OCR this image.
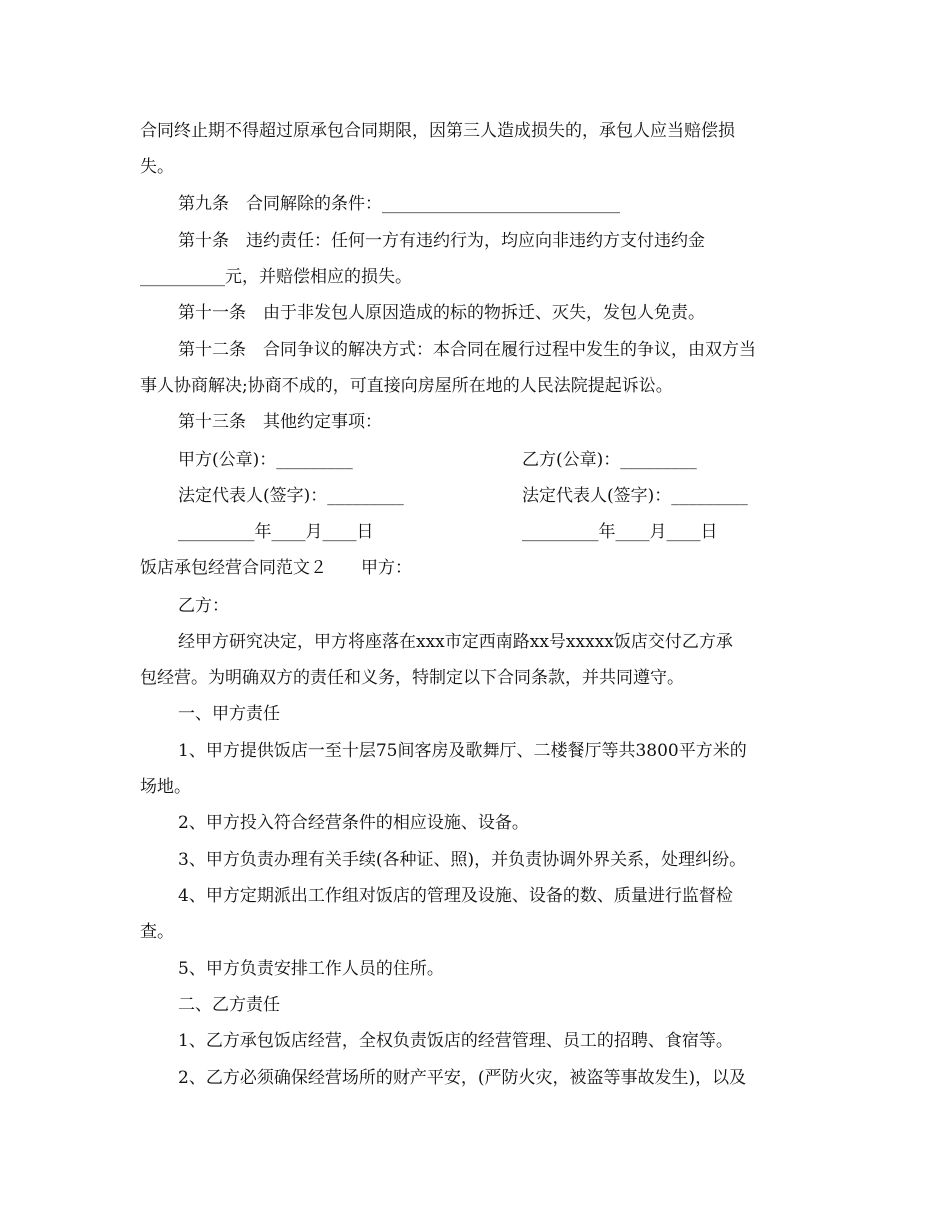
合同终止期不得超过原承包合同期限，因第三人造成损失的，承包人应当赔偿损
失。
第九条　合同解除的条件：____________________________
第十条　违约责任：任何一方有违约行为，均应向非违约方支付违约金
__________元，并赔偿相应的损失。
第十一条　由于非发包人原因造成的标的物拆迁、灭失，发包人免责。
第十二条　合同争议的解决方式：本合同在履行过程中发生的争议，由双方当
事人协商解决;协商不成的，可直接向房屋所在地的人民法院提起诉讼。
第十三条　其他约定事项：
甲方(公章)：_________	乙方(公章)：_________
法定代表人(签字)：_________	法定代表人(签字)：_________
_________年____月____日	_________年____月____日
饭店承包经营合同范文２　　甲方：
乙方：
经甲方研究决定，甲方将座落在xxx市定西南路xx号xxxxx饭店交付乙方承
包经营。为明确双方的责任和义务，特制定以下合同条款，并共同遵守。
一、甲方责任
1、甲方提供饭店一至十层75间客房及歌舞厅、二楼餐厅等共3800平方米的
场地。
2、甲方投入符合经营条件的相应设施、设备。
3、甲方负责办理有关手续(各种证、照)，并负责协调外界关系，处理纠纷。
4、甲方定期派出工作组对饭店的管理及设施、设备的数、质量进行监督检
查。
5、甲方负责安排工作人员的住所。
二、乙方责任
1、乙方承包饭店经营，全权负责饭店的经营管理、员工的招聘、食宿等。
2、乙方必须确保经营场所的财产平安，(严防火灾，被盗等事故发生)，以及
